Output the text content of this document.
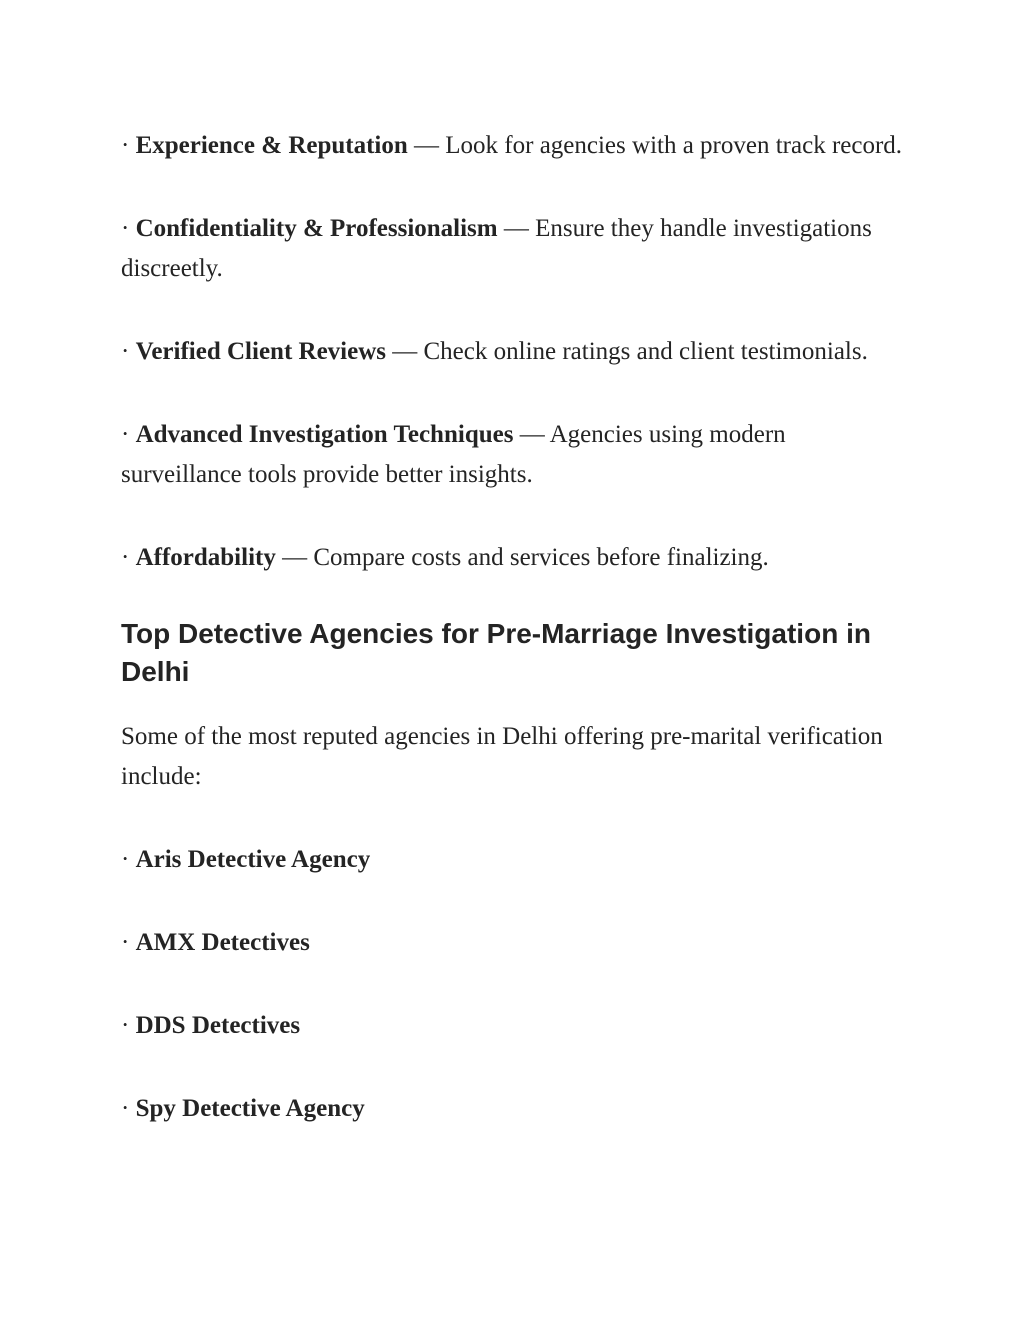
· Experience & Reputation — Look for agencies with a proven track record.

· Confidentiality & Professionalism — Ensure they handle investigations discreetly.

· Verified Client Reviews — Check online ratings and client testimonials.

· Advanced Investigation Techniques — Agencies using modern surveillance tools provide better insights.

· Affordability — Compare costs and services before finalizing.

Top Detective Agencies for Pre-Marriage Investigation in Delhi

Some of the most reputed agencies in Delhi offering pre-marital verification include:

· Aris Detective Agency

· AMX Detectives

· DDS Detectives

· Spy Detective Agency
